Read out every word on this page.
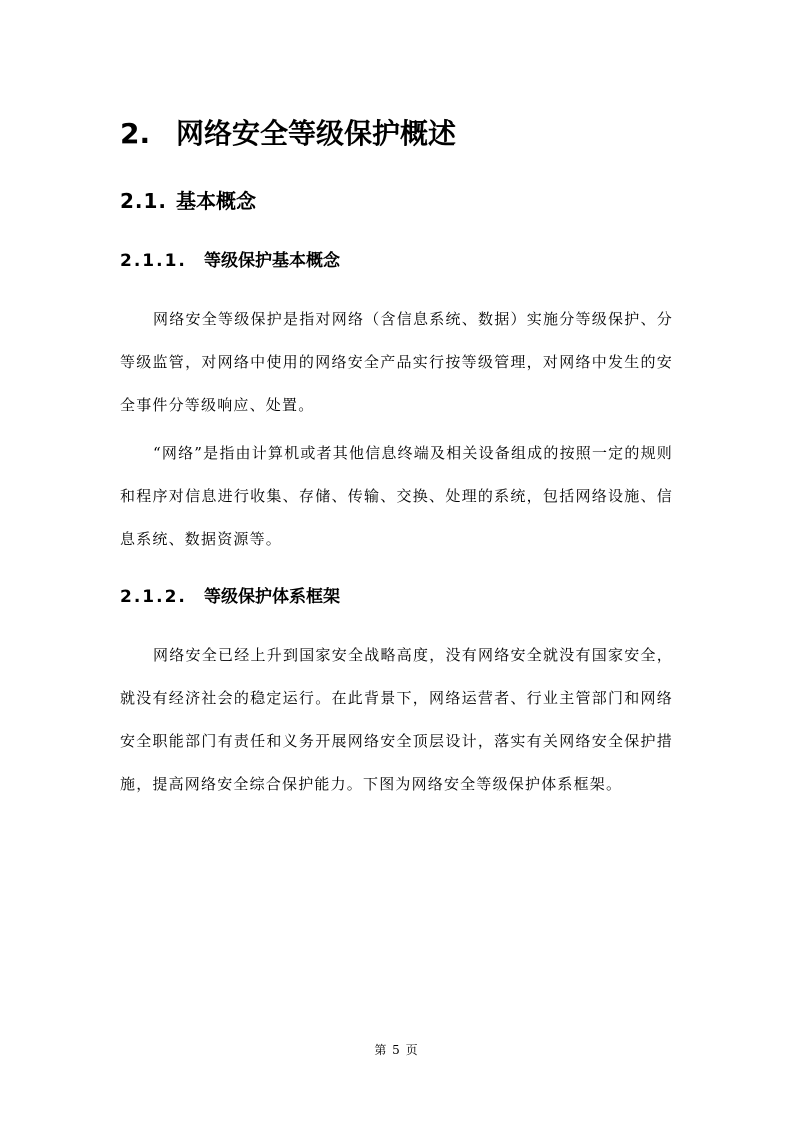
2. 网络安全等级保护概述
2.1. 基本概念
2.1.1. 等级保护基本概念

网络安全等级保护是指对网络（含信息系统、数据）实施分等级保护、分等级监管，对网络中使用的网络安全产品实行按等级管理，对网络中发生的安全事件分等级响应、处置。

“网络”是指由计算机或者其他信息终端及相关设备组成的按照一定的规则和程序对信息进行收集、存储、传输、交换、处理的系统，包括网络设施、信息系统、数据资源等。

2.1.2. 等级保护体系框架

网络安全已经上升到国家安全战略高度，没有网络安全就没有国家安全，就没有经济社会的稳定运行。在此背景下，网络运营者、行业主管部门和网络安全职能部门有责任和义务开展网络安全顶层设计，落实有关网络安全保护措施，提高网络安全综合保护能力。下图为网络安全等级保护体系框架。

第 5 页
